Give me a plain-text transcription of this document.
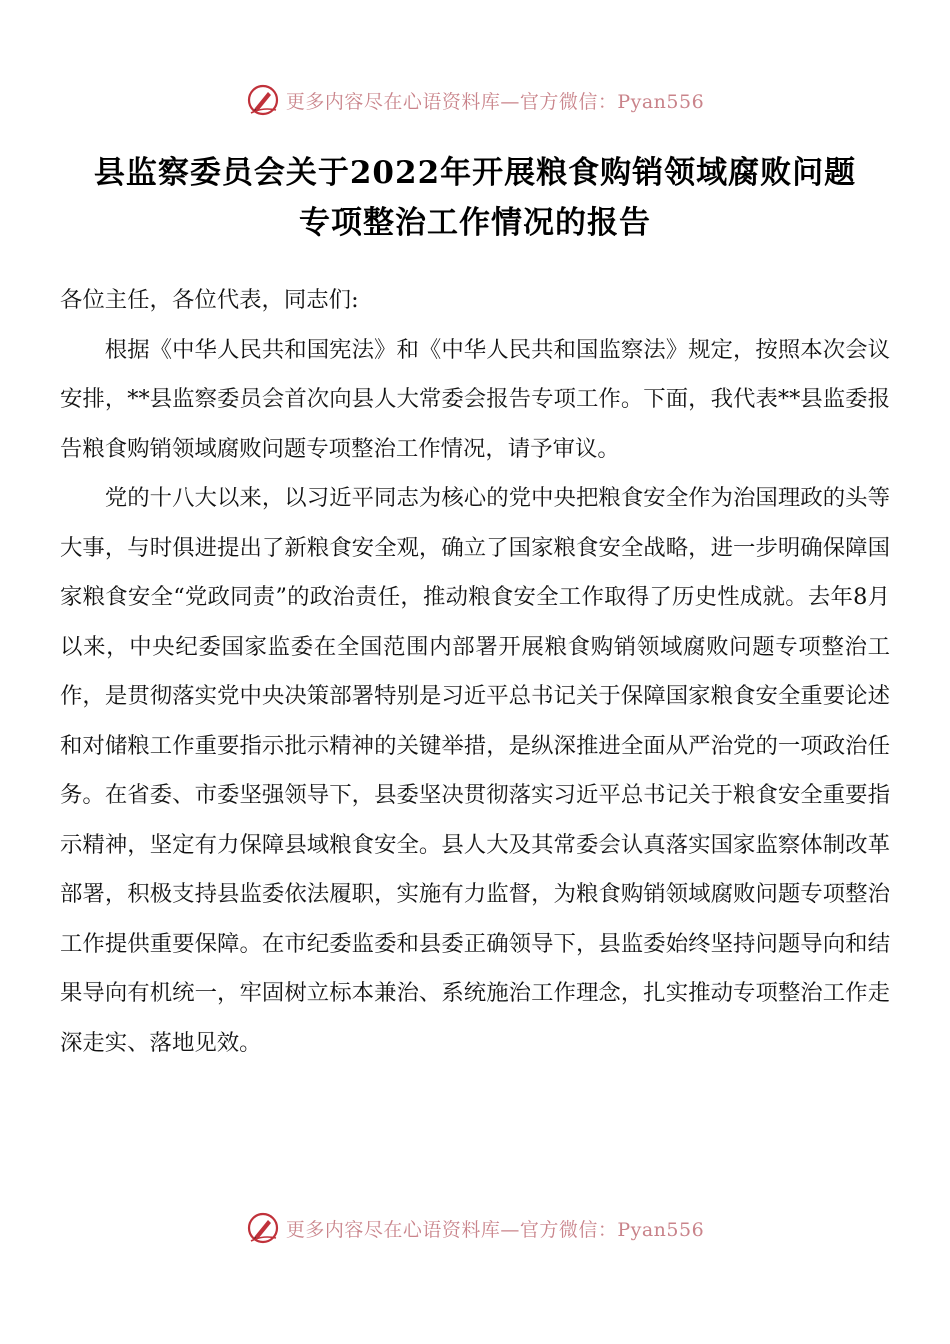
更多内容尽在心语资料库—官方微信：Pyan556
县监察委员会关于2022年开展粮食购销领域腐败问题
专项整治工作情况的报告

各位主任，各位代表，同志们:

根据《中华人民共和国宪法》和《中华人民共和国监察法》规定，按照本次会议安排，**县监察委员会首次向县人大常委会报告专项工作。下面，我代表**县监委报告粮食购销领域腐败问题专项整治工作情况，请予审议。

党的十八大以来，以习近平同志为核心的党中央把粮食安全作为治国理政的头等大事，与时俱进提出了新粮食安全观，确立了国家粮食安全战略，进一步明确保障国家粮食安全“党政同责”的政治责任，推动粮食安全工作取得了历史性成就。去年8月以来，中央纪委国家监委在全国范围内部署开展粮食购销领域腐败问题专项整治工作，是贯彻落实党中央决策部署特别是习近平总书记关于保障国家粮食安全重要论述和对储粮工作重要指示批示精神的关键举措，是纵深推进全面从严治党的一项政治任务。在省委、市委坚强领导下，县委坚决贯彻落实习近平总书记关于粮食安全重要指示精神，坚定有力保障县域粮食安全。县人大及其常委会认真落实国家监察体制改革部署，积极支持县监委依法履职，实施有力监督，为粮食购销领域腐败问题专项整治工作提供重要保障。在市纪委监委和县委正确领导下，县监委始终坚持问题导向和结果导向有机统一，牢固树立标本兼治、系统施治工作理念，扎实推动专项整治工作走深走实、落地见效。

更多内容尽在心语资料库—官方微信：Pyan556
